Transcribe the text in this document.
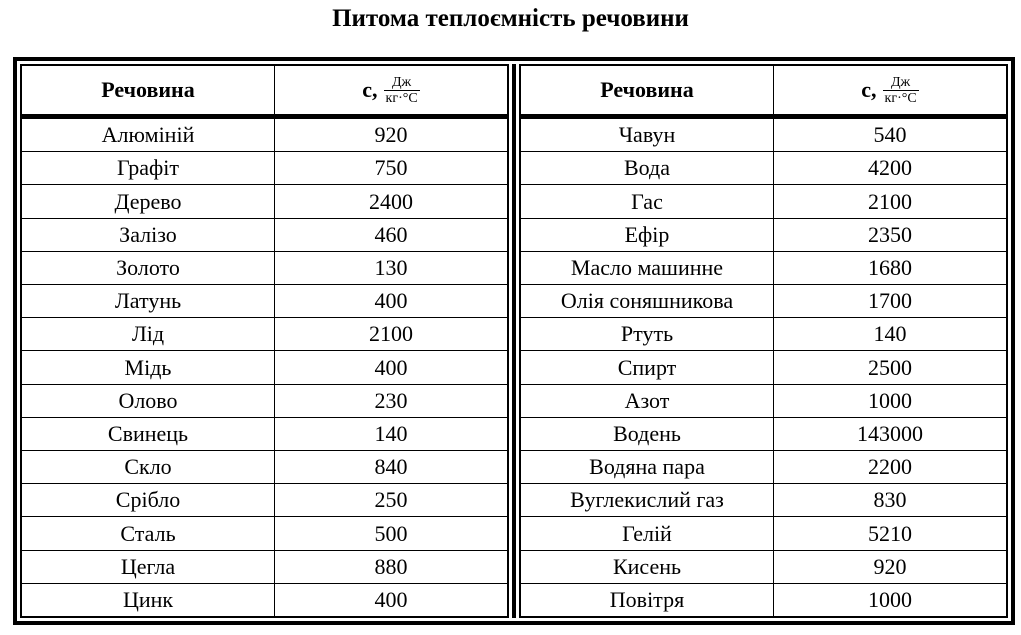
Питома теплоємність речовини
Речовина	c, $\frac{Дж}{кг\cdot^\circ С}$
Алюміній	920
Графіт	750
Дерево	2400
Залізо	460
Золото	130
Латунь	400
Лід	2100
Мідь	400
Олово	230
Свинець	140
Скло	840
Срібло	250
Сталь	500
Цегла	880
Цинк	400
Речовина	c, $\frac{Дж}{кг\cdot^\circ С}$
Чавун	540
Вода	4200
Гас	2100
Ефір	2350
Масло машинне	1680
Олія соняшникова	1700
Ртуть	140
Спирт	2500
Азот	1000
Водень	143000
Водяна пара	2200
Вуглекислий газ	830
Гелій	5210
Кисень	920
Повітря	1000
